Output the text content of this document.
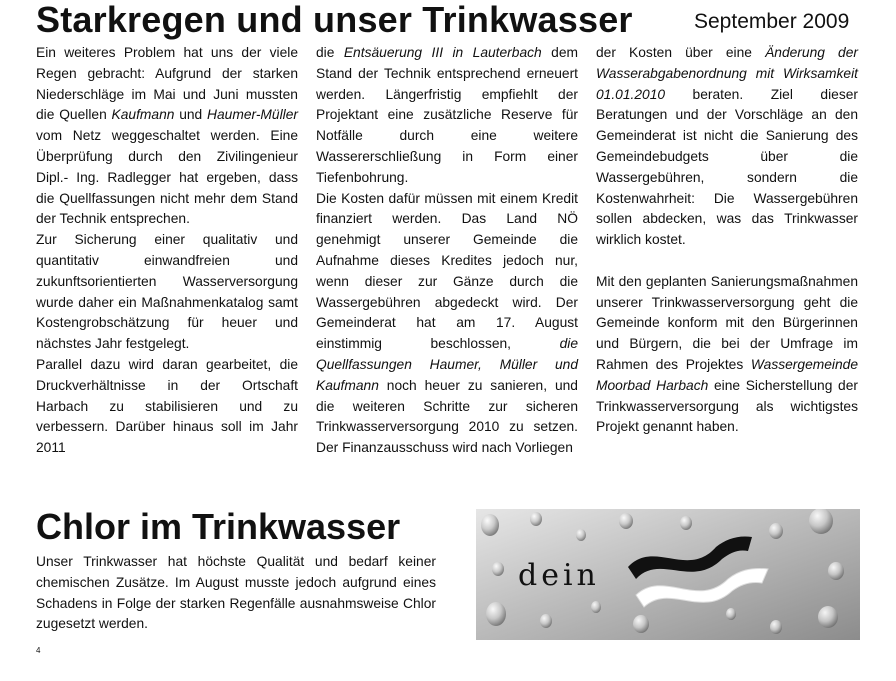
Starkregen und unser Trinkwasser	September 2009

Ein weiteres Problem hat uns der viele Regen gebracht: Aufgrund der starken Niederschläge im Mai und Juni mussten die Quellen Kaufmann und Haumer-Müller vom Netz weggeschaltet werden. Eine Überprüfung durch den Zivilingenieur Dipl.- Ing. Radlegger hat ergeben, dass die Quellfassungen nicht mehr dem Stand der Technik entsprechen.

Zur Sicherung einer qualitativ und quantitativ einwandfreien und zukunftsorientierten Wasserversorgung wurde daher ein Maßnahmenkatalog samt Kostengrobschätzung für heuer und nächstes Jahr festgelegt.

Parallel dazu wird daran gearbeitet, die Druckverhältnisse in der Ortschaft Harbach zu stabilisieren und zu verbessern. Darüber hinaus soll im Jahr 2011

die Entsäuerung III in Lauterbach dem Stand der Technik entsprechend erneuert werden. Längerfristig empfiehlt der Projektant eine zusätzliche Reserve für Notfälle durch eine weitere Wassererschließung in Form einer Tiefenbohrung.

Die Kosten dafür müssen mit einem Kredit finanziert werden. Das Land NÖ genehmigt unserer Gemeinde die Aufnahme dieses Kredites jedoch nur, wenn dieser zur Gänze durch die Wassergebühren abgedeckt wird. Der Gemeinderat hat am 17. August einstimmig beschlossen, die Quellfassungen Haumer, Müller und Kaufmann noch heuer zu sanieren, und die weiteren Schritte zur sicheren Trinkwasserversorgung 2010 zu setzen. Der Finanzausschuss wird nach Vorliegen

der Kosten über eine Änderung der Wasserabgabenordnung mit Wirksamkeit 01.01.2010 beraten. Ziel dieser Beratungen und der Vorschläge an den Gemeinderat ist nicht die Sanierung des Gemeindebudgets über die Wassergebühren, sondern die Kostenwahrheit: Die Wassergebühren sollen abdecken, was das Trinkwasser wirklich kostet.

Mit den geplanten Sanierungsmaßnahmen unserer Trinkwasserversorgung geht die Gemeinde konform mit den Bürgerinnen und Bürgern, die bei der Umfrage im Rahmen des Projektes Wassergemeinde Moorbad Harbach eine Sicherstellung der Trinkwasserversorgung als wichtigstes Projekt genannt haben.

Chlor im Trinkwasser
Unser Trinkwasser hat höchste Qualität und bedarf keiner chemischen Zusätze. Im August musste jedoch aufgrund eines Schadens in Folge der starken Regenfälle ausnahmsweise Chlor zugesetzt werden.
dein
4
